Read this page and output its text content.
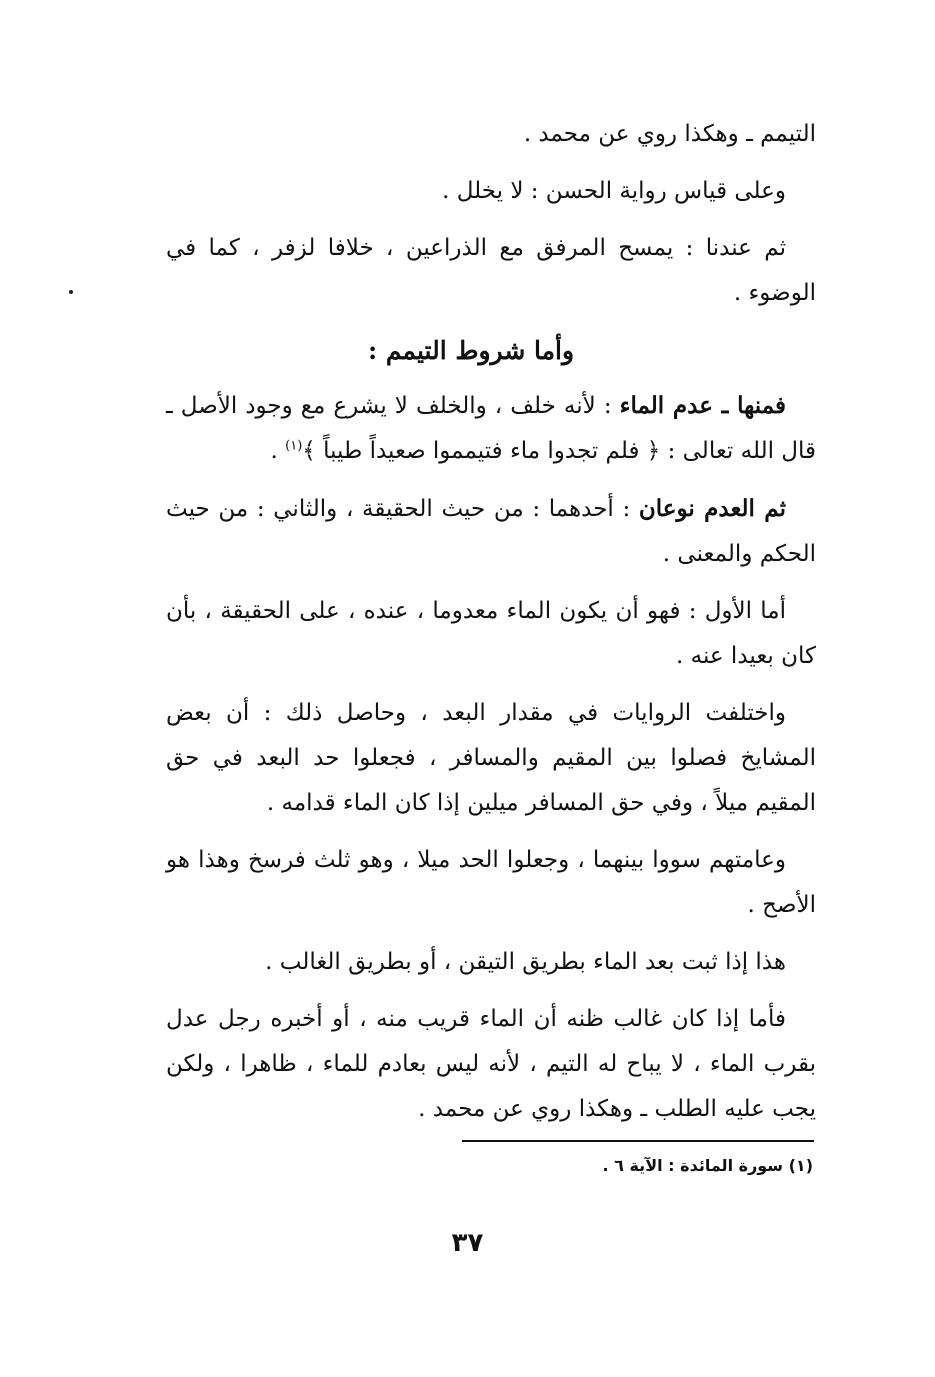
التيمم ـ وهكذا روي عن محمد .

وعلى قياس رواية الحسن : لا يخلل .

ثم عندنا : يمسح المرفق مع الذراعين ، خلافا لزفر ، كما في الوضوء .

وأما شروط التيمم :

فمنها ـ عدم الماء : لأنه خلف ، والخلف لا يشرع مع وجود الأصل ـ قال الله تعالى : ﴿ فلم تجدوا ماء فتيمموا صعيداً طيباً ﴾$^{(١)}$ .

ثم العدم نوعان : أحدهما : من حيث الحقيقة ، والثاني : من حيث الحكم والمعنى .

أما الأول : فهو أن يكون الماء معدوما ، عنده ، على الحقيقة ، بأن كان بعيدا عنه .

واختلفت الروايات في مقدار البعد ، وحاصل ذلك : أن بعض المشايخ فصلوا بين المقيم والمسافر ، فجعلوا حد البعد في حق المقيم ميلاً ، وفي حق المسافر ميلين إذا كان الماء قدامه .

وعامتهم سووا بينهما ، وجعلوا الحد ميلا ، وهو ثلث فرسخ وهذا هو الأصح .

هذا إذا ثبت بعد الماء بطريق التيقن ، أو بطريق الغالب .

فأما إذا كان غالب ظنه أن الماء قريب منه ، أو أخبره رجل عدل بقرب الماء ، لا يباح له التيم ، لأنه ليس بعادم للماء ، ظاهرا ، ولكن يجب عليه الطلب ـ وهكذا روي عن محمد .

(١) سورة المائدة : الآية ٦ .
٣٧
